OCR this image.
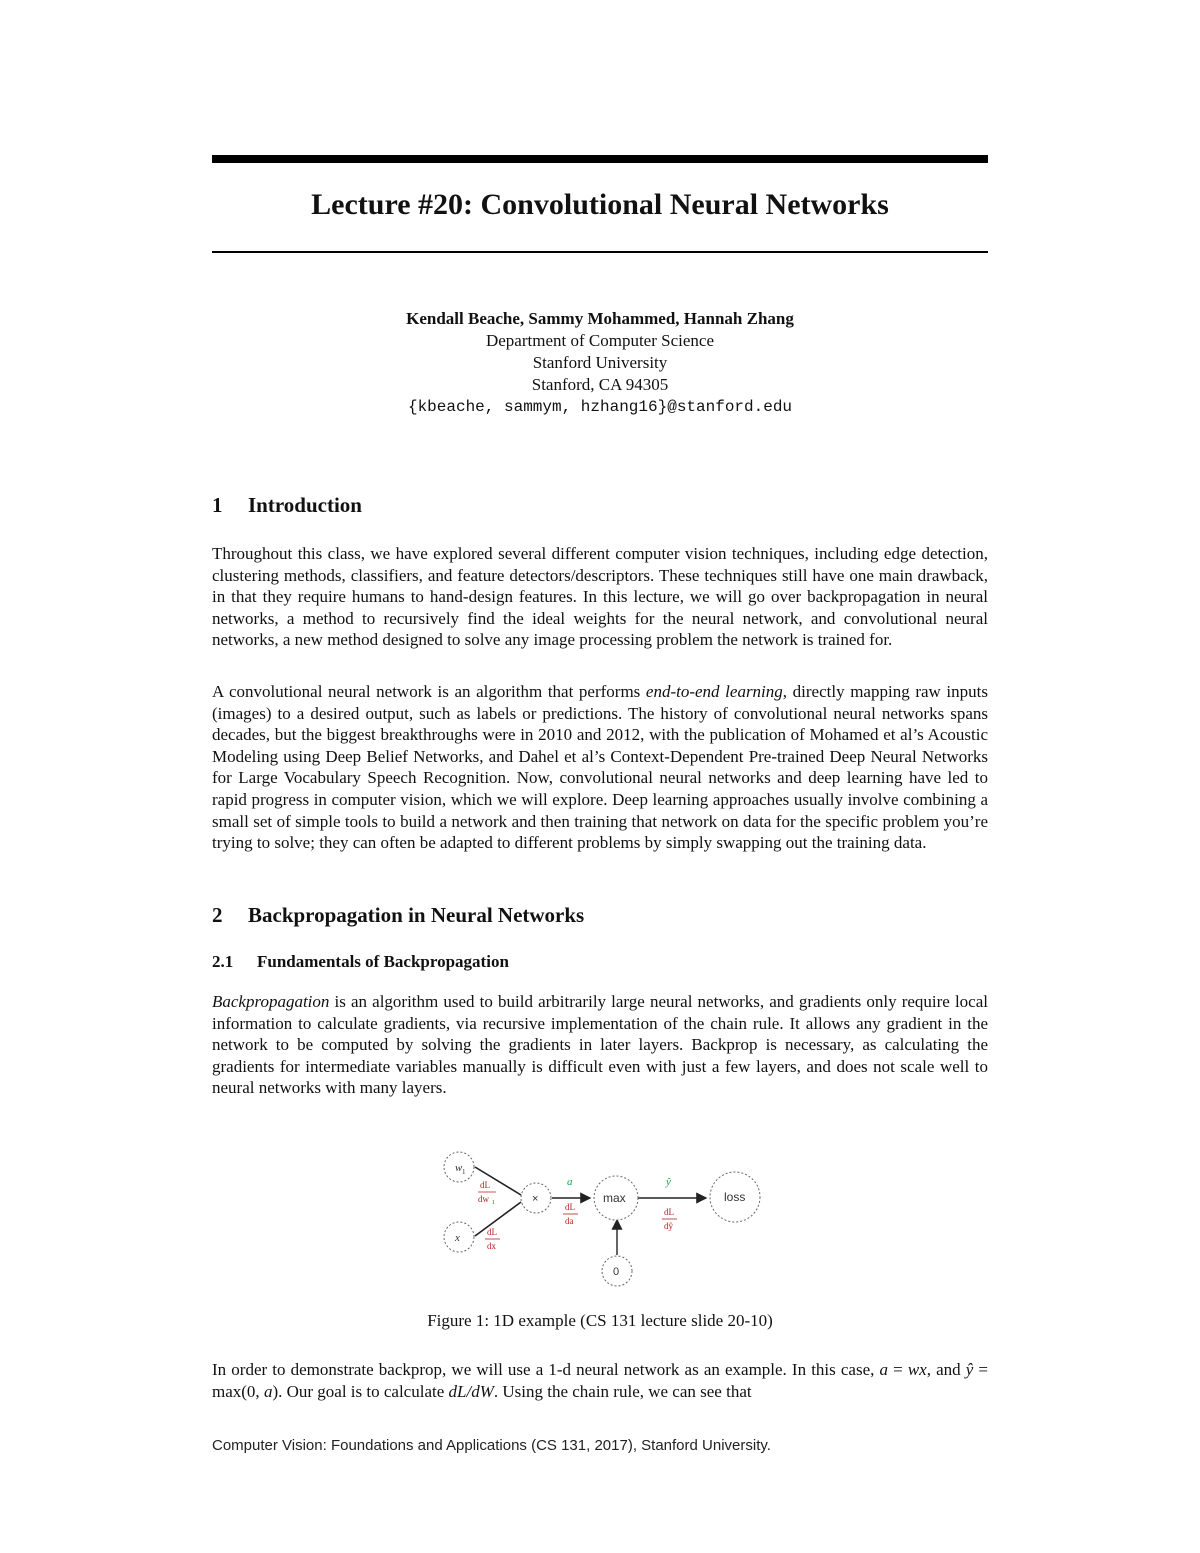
Lecture #20: Convolutional Neural Networks
Kendall Beache, Sammy Mohammed, Hannah Zhang
Department of Computer Science
Stanford University
Stanford, CA 94305
{kbeache, sammym, hzhang16}@stanford.edu
1 Introduction

Throughout this class, we have explored several different computer vision techniques, including edge detection, clustering methods, classifiers, and feature detectors/descriptors. These techniques still have one main drawback, in that they require humans to hand-design features. In this lecture, we will go over backpropagation in neural networks, a method to recursively find the ideal weights for the neural network, and convolutional neural networks, a new method designed to solve any image processing problem the network is trained for.

A convolutional neural network is an algorithm that performs end-to-end learning, directly mapping raw inputs (images) to a desired output, such as labels or predictions. The history of convolutional neural networks spans decades, but the biggest breakthroughs were in 2010 and 2012, with the publication of Mohamed et al’s Acoustic Modeling using Deep Belief Networks, and Dahel et al’s Context-Dependent Pre-trained Deep Neural Networks for Large Vocabulary Speech Recognition. Now, convolutional neural networks and deep learning have led to rapid progress in computer vision, which we will explore. Deep learning approaches usually involve combining a small set of simple tools to build a network and then training that network on data for the specific problem you’re trying to solve; they can often be adapted to different problems by simply swapping out the training data.

2 Backpropagation in Neural Networks
2.1 Fundamentals of Backpropagation

Backpropagation is an algorithm used to build arbitrarily large neural networks, and gradients only require local information to calculate gradients, via recursive implementation of the chain rule. It allows any gradient in the network to be computed by solving the gradients in later layers. Backprop is necessary, as calculating the gradients for intermediate variables manually is difficult even with just a few layers, and does not scale well to neural networks with many layers.

w 1
x
×	max	loss
0
a	ŷ
dL
dw 1
dL
dx
dL
da
dL
dŷ
Figure 1: 1D example (CS 131 lecture slide 20-10)

In order to demonstrate backprop, we will use a 1-d neural network as an example. In this case, a = wx, and ŷ = max(0, a). Our goal is to calculate dL/dW. Using the chain rule, we can see that

Computer Vision: Foundations and Applications (CS 131, 2017), Stanford University.
